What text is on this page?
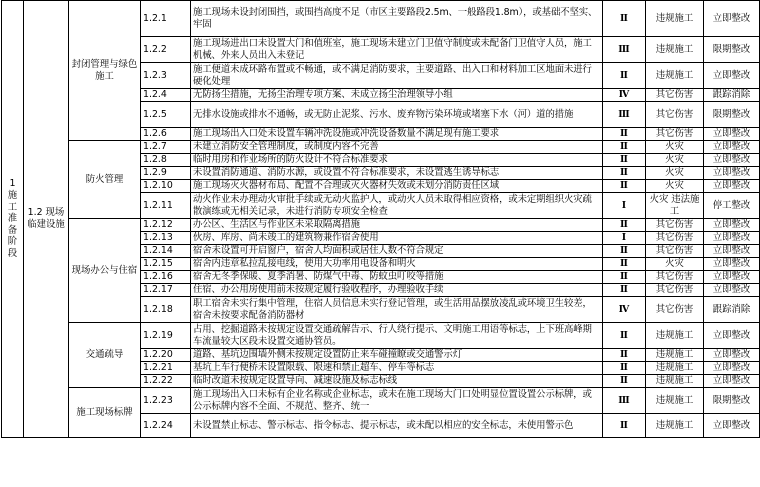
1 施工准备阶段	1.2 现场临建设施	封闭管理与绿色施工	1.2.1	施工现场未设封闭围挡，或围挡高度不足（市区主要路段2.5m、一般路段1.8m），或基础不坚实、牢固	Ⅱ	违规施工	立即整改
			1.2.2	施工现场进出口未设置大门和值班室，施工现场未建立门卫值守制度或未配备门卫值守人员，施工机械、外来人员出入未登记	Ⅲ	违规施工	限期整改
			1.2.3	施工便道未成环路布置或不畅通，或不满足消防要求，主要道路、出入口和材料加工区地面未进行硬化处理	Ⅱ	违规施工	立即整改
			1.2.4	无防扬尘措施，无扬尘治理专项方案、未成立扬尘治理领导小组	Ⅳ	其它伤害	跟踪消除
			1.2.5	无排水设施或排水不通畅，或无防止泥浆、污水、废弃物污染环境或堵塞下水（河）道的措施	Ⅲ	其它伤害	限期整改
			1.2.6	施工现场出入口处未设置车辆冲洗设施或冲洗设备数量不满足现有施工要求	Ⅱ	其它伤害	立即整改
		防火管理	1.2.7	未建立消防安全管理制度，或制度内容不完善	Ⅱ	火灾	立即整改
			1.2.8	临时用房和作业场所的防火设计不符合标准要求	Ⅱ	火灾	立即整改
			1.2.9	未设置消防通道、消防水源，或设置不符合标准要求，未设置逃生诱导标志	Ⅱ	火灾	立即整改
			1.2.10	施工现场灭火器材布局、配置不合理或灭火器材失效或未划分消防责任区域	Ⅱ	火灾	立即整改
			1.2.11	动火作业未办理动火审批手续或无动火监护人，或动火人员未取得相应资格，或未定期组织火灾疏散演练或无相关记录，未进行消防专项安全检查	Ⅰ	火灾 违法施工	停工整改
		现场办公与住宿	1.2.12	办公区、生活区与作业区未采取隔离措施	Ⅱ	其它伤害	立即整改
			1.2.13	伙房、库房、尚未竣工的建筑物兼作宿舍使用	Ⅰ	其它伤害	立即整改
			1.2.14	宿舍未设置可开启窗户，宿舍人均面积或居住人数不符合规定	Ⅱ	其它伤害	立即整改
			1.2.15	宿舍内违章私拉乱接电线，使用大功率用电设备和明火	Ⅱ	火灾	立即整改
			1.2.16	宿舍无冬季保暖、夏季消暑、防煤气中毒、防蚊虫叮咬等措施	Ⅱ	其它伤害	立即整改
			1.2.17	住宿、办公用房使用前未按规定履行验收程序，办理验收手续	Ⅱ	其它伤害	立即整改
			1.2.18	职工宿舍未实行集中管理，住宿人员信息未实行登记管理，或生活用品摆放凌乱或环境卫生较差，宿舍未按要求配备消防器材	Ⅳ	其它伤害	跟踪消除
		交通疏导	1.2.19	占用、挖掘道路未按规定设置交通疏解告示、行人绕行提示、文明施工用语等标志，上下班高峰期车流量较大区段未设置交通协管员。	Ⅱ	违规施工	立即整改
			1.2.20	道路、基坑边围墙外侧未按规定设置防止来车碰撞瞭或交通警示灯	Ⅱ	违规施工	立即整改
			1.2.21	基坑上车行便桥未设置限载、限速和禁止超车、停车等标志	Ⅱ	违规施工	立即整改
			1.2.22	临时改道未按规定设置导向、减速设施及标志标线	Ⅱ	违规施工	立即整改
		施工现场标牌	1.2.23	施工现场出入口未标有企业名称或企业标志，或未在施工现场大门口处明显位置设置公示标牌，或公示标牌内容不全面、不规范、整齐、统一	Ⅲ	违规施工	限期整改
			1.2.24	未设置禁止标志、警示标志、指令标志、提示标志，或未配以相应的安全标志，未使用警示色	Ⅱ	违规施工	立即整改
